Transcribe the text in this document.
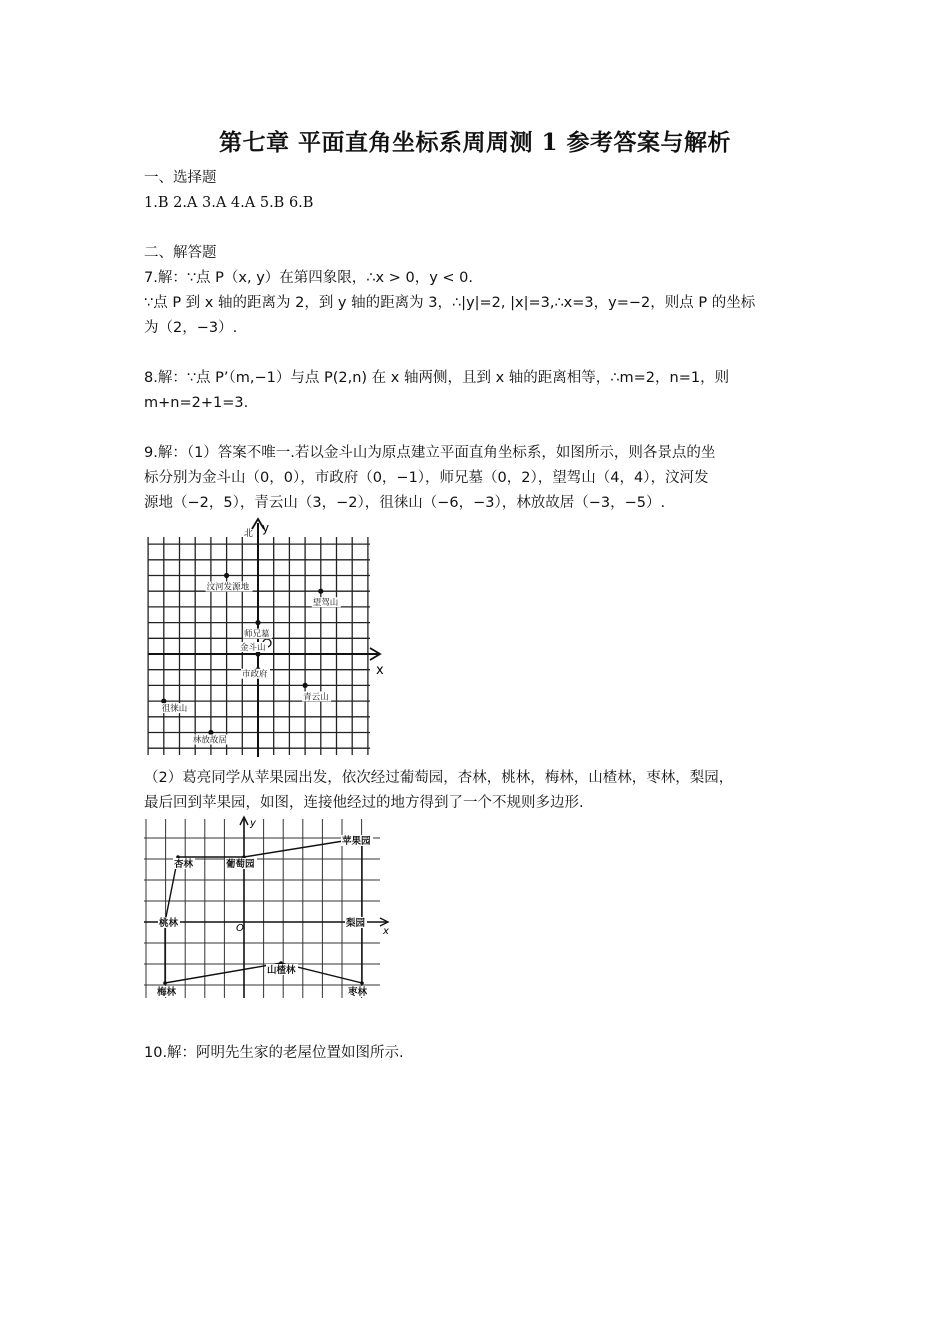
第七章 平面直角坐标系周周测 1 参考答案与解析
一、选择题
1.B 2.A 3.A 4.A 5.B 6.B
二、解答题
7.解：∵点 P（x, y）在第四象限，∴x > 0，y < 0.
∵点 P 到 x 轴的距离为 2，到 y 轴的距离为 3，∴|y|=2, |x|=3,∴x=3，y=−2，则点 P 的坐标
为（2，−3）.
8.解：∵点 P’（m,−1）与点 P(2,n) 在 x 轴两侧，且到 x 轴的距离相等，∴m=2，n=1，则
m+n=2+1=3.
9.解：（1）答案不唯一.若以金斗山为原点建立平面直角坐标系，如图所示，则各景点的坐
标分别为金斗山（0，0），市政府（0，−1），师兄墓（0，2），望驾山（4，4），汶河发
源地（−2，5），青云山（3，−2），徂徕山（−6，−3），林放故居（−3，−5）.
北 y
x
汶河发源地
望驾山
师兄墓
金斗山
市政府
青云山
徂徕山
林放故居
（2）葛亮同学从苹果园出发，依次经过葡萄园，杏林，桃林，梅林，山楂林，枣林，梨园，
最后回到苹果园，如图，连接他经过的地方得到了一个不规则多边形.
y
x
O
苹果园
葡萄园
杏林
桃林
梅林
山楂林
枣林
梨园
10.解：阿明先生家的老屋位置如图所示.
